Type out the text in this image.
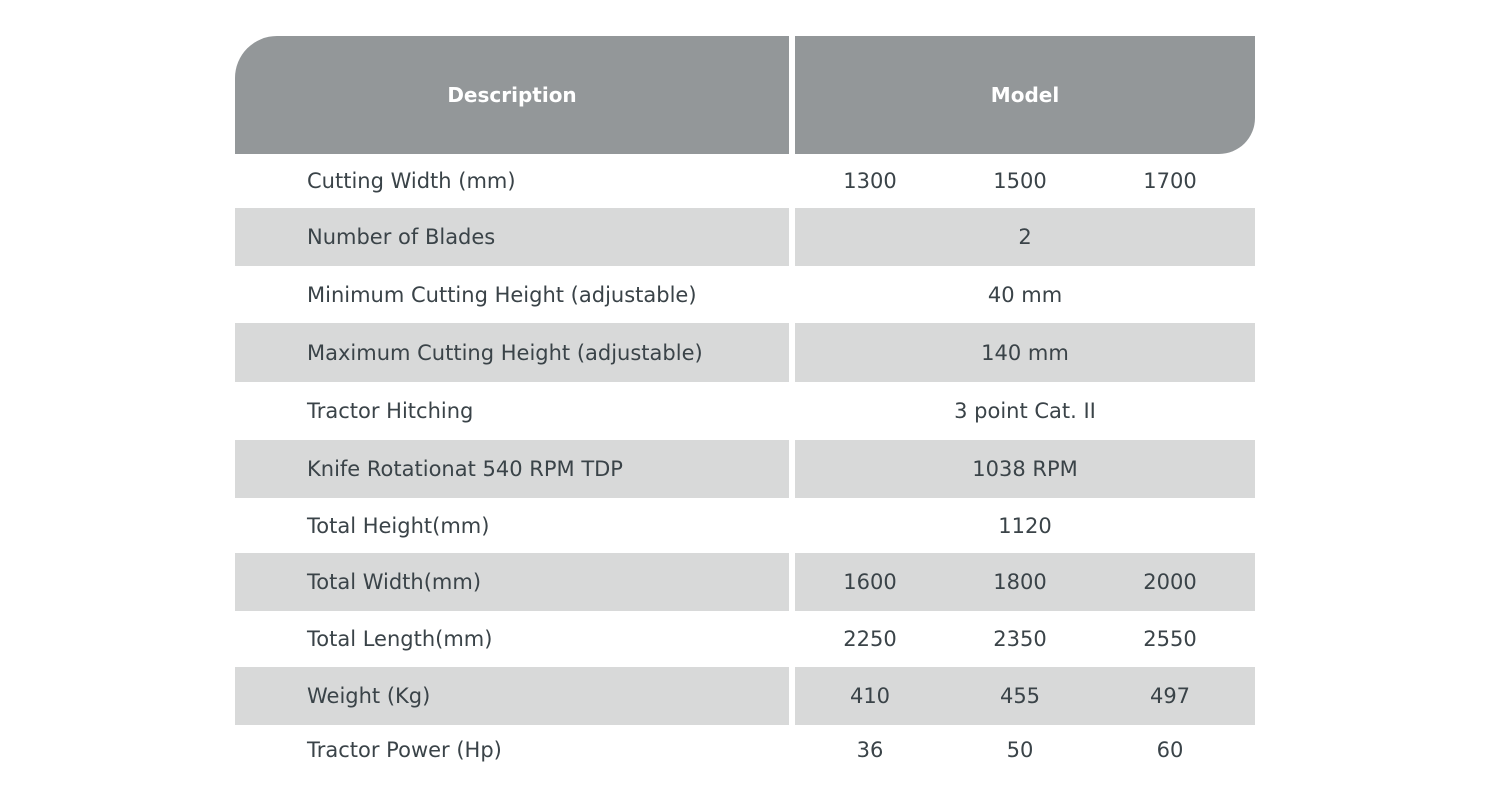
Description	Model
Cutting Width (mm)	1300	1500	1700
Number of Blades	2
Minimum Cutting Height (adjustable)	40 mm
Maximum Cutting Height (adjustable)	140 mm
Tractor Hitching	3 point Cat. II
Knife Rotationat 540 RPM TDP	1038 RPM
Total Height(mm)	1120
Total Width(mm)	1600	1800	2000
Total Length(mm)	2250	2350	2550
Weight (Kg)	410	455	497
Tractor Power (Hp)	36	50	60
